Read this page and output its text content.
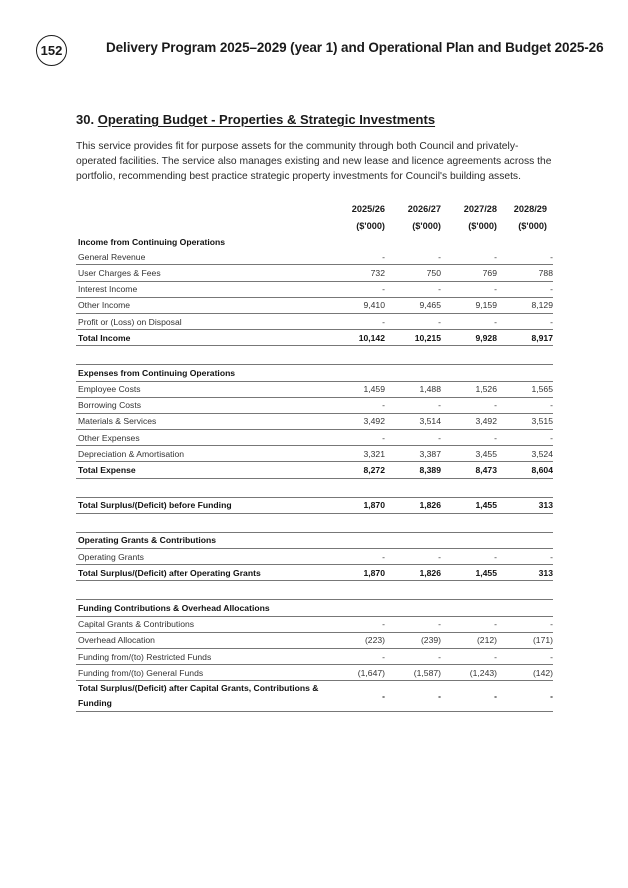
152	Delivery Program 2025–2029 (year 1) and Operational Plan and Budget 2025-26
30. Operating Budget - Properties & Strategic Investments

This service provides fit for purpose assets for the community through both Council and privately-operated facilities. The service also manages existing and new lease and licence agreements across the portfolio, recommending best practice strategic property investments for Council's building assets.

	2025/26	2026/27	2027/28	2028/29
	($'000)	($'000)	($'000)	($'000)
Income from Continuing Operations				
General Revenue	-	-	-	-
User Charges & Fees	732	750	769	788
Interest Income	-	-	-	-
Other Income	9,410	9,465	9,159	8,129
Profit or (Loss) on Disposal	-	-	-	-
Total Income	10,142	10,215	9,928	8,917

Expenses from Continuing Operations				
Employee Costs	1,459	1,488	1,526	1,565
Borrowing Costs	-	-	-	-
Materials & Services	3,492	3,514	3,492	3,515
Other Expenses	-	-	-	-
Depreciation & Amortisation	3,321	3,387	3,455	3,524
Total Expense	8,272	8,389	8,473	8,604

Total Surplus/(Deficit) before Funding	1,870	1,826	1,455	313

Operating Grants & Contributions				
Operating Grants	-	-	-	-
Total Surplus/(Deficit) after Operating Grants	1,870	1,826	1,455	313

Funding Contributions & Overhead Allocations				
Capital Grants & Contributions	-	-	-	-
Overhead Allocation	(223)	(239)	(212)	(171)
Funding from/(to) Restricted Funds	-	-	-	-
Funding from/(to) General Funds	(1,647)	(1,587)	(1,243)	(142)
Total Surplus/(Deficit) after Capital Grants, Contributions & Funding	-	-	-	-
